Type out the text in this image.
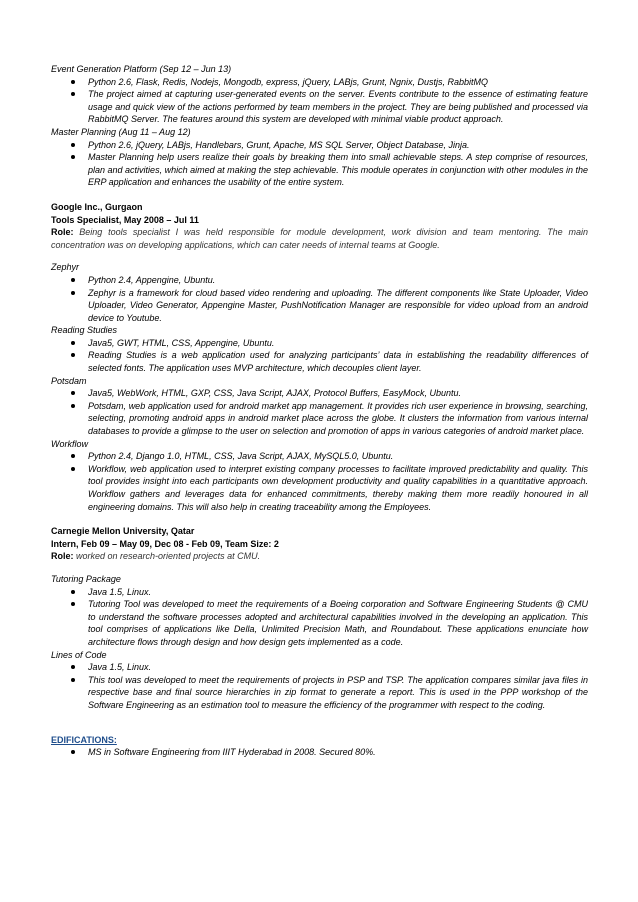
Event Generation Platform (Sep 12 – Jun 13)

Python 2.6, Flask, Redis, Nodejs, Mongodb, express, jQuery, LABjs, Grunt, Ngnix, Dustjs, RabbitMQ
The project aimed at capturing user-generated events on the server. Events contribute to the essence of estimating feature usage and quick view of the actions performed by team members in the project. They are being published and processed via RabbitMQ Server. The features around this system are developed with minimal viable product approach.

Master Planning (Aug 11 – Aug 12)

Python 2.6, jQuery, LABjs, Handlebars, Grunt, Apache, MS SQL Server, Object Database, Jinja.
Master Planning help users realize their goals by breaking them into small achievable steps. A step comprise of resources, plan and activities, which aimed at making the step achievable. This module operates in conjunction with other modules in the ERP application and enhances the usability of the entire system.

Google Inc., Gurgaon

Tools Specialist, May 2008 – Jul 11

Role: Being tools specialist I was held responsible for module development, work division and team mentoring. The main concentration was on developing applications, which can cater needs of internal teams at Google.

Zephyr

Python 2.4, Appengine, Ubuntu.
Zephyr is a framework for cloud based video rendering and uploading. The different components like State Uploader, Video Uploader, Video Generator, Appengine Master, PushNotification Manager are responsible for video upload from an android device to Youtube.

Reading Studies

Java5, GWT, HTML, CSS, Appengine, Ubuntu.
Reading Studies is a web application used for analyzing participants’ data in establishing the readability differences of selected fonts. The application uses MVP architecture, which decouples client layer.

Potsdam

Java5, WebWork, HTML, GXP, CSS, Java Script, AJAX, Protocol Buffers, EasyMock, Ubuntu.
Potsdam, web application used for android market app management. It provides rich user experience in browsing, searching, selecting, promoting android apps in android market place across the globe. It clusters the information from various internal databases to provide a glimpse to the user on selection and promotion of apps in various categories of android market place.

Workflow

Python 2.4, Django 1.0, HTML, CSS, Java Script, AJAX, MySQL5.0, Ubuntu.
Workflow, web application used to interpret existing company processes to facilitate improved predictability and quality. This tool provides insight into each participants own development productivity and quality capabilities in a quantitative approach. Workflow gathers and leverages data for enhanced commitments, thereby making them more readily honoured in all engineering domains. This will also help in creating traceability among the Employees.

Carnegie Mellon University, Qatar

Intern, Feb 09 – May 09, Dec 08 - Feb 09, Team Size: 2

Role: worked on research-oriented projects at CMU.

Tutoring Package

Java 1.5, Linux.
Tutoring Tool was developed to meet the requirements of a Boeing corporation and Software Engineering Students @ CMU to understand the software processes adopted and architectural capabilities involved in the developing an application. This tool comprises of applications like Della, Unlimited Precision Math, and Roundabout. These applications enunciate how architecture flows through design and how design gets implemented as a code.

Lines of Code

Java 1.5, Linux.
This tool was developed to meet the requirements of projects in PSP and TSP. The application compares similar java files in respective base and final source hierarchies in zip format to generate a report. This is used in the PPP workshop of the Software Engineering as an estimation tool to measure the efficiency of the programmer with respect to the coding.

EDIFICATIONS:

MS in Software Engineering from IIIT Hyderabad in 2008. Secured 80%.
